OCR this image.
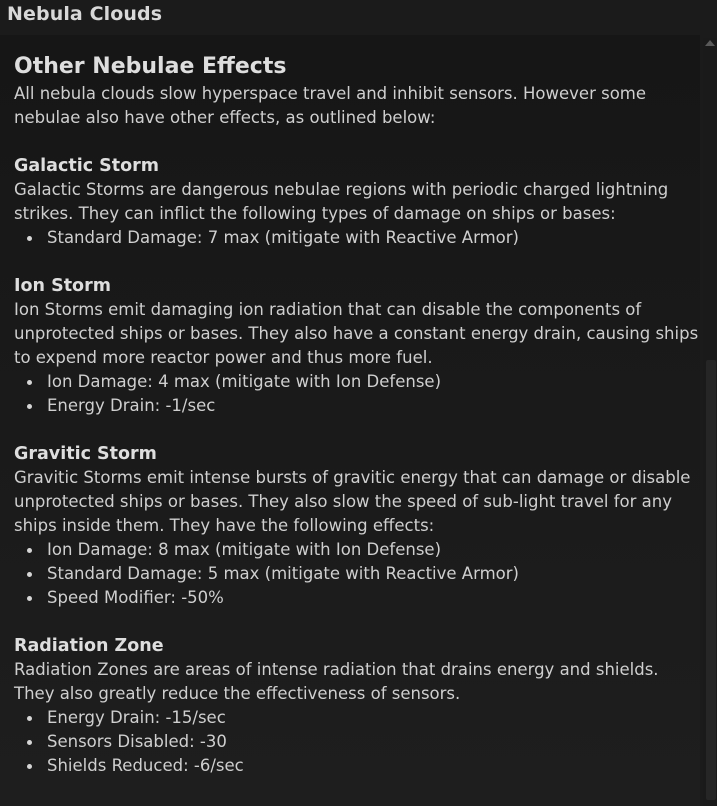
Nebula Clouds
Other Nebulae Effects

All nebula clouds slow hyperspace travel and inhibit sensors. However some nebulae also have other effects, as outlined below:

Galactic Storm

Galactic Storms are dangerous nebulae regions with periodic charged lightning strikes. They can inflict the following types of damage on ships or bases:

Standard Damage: 7 max (mitigate with Reactive Armor)
Ion Storm

Ion Storms emit damaging ion radiation that can disable the components of unprotected ships or bases. They also have a constant energy drain, causing ships to expend more reactor power and thus more fuel.

Ion Damage: 4 max (mitigate with Ion Defense)
Energy Drain: -1/sec
Gravitic Storm

Gravitic Storms emit intense bursts of gravitic energy that can damage or disable unprotected ships or bases. They also slow the speed of sub-light travel for any ships inside them. They have the following effects:

Ion Damage: 8 max (mitigate with Ion Defense)
Standard Damage: 5 max (mitigate with Reactive Armor)
Speed Modifier: -50%
Radiation Zone

Radiation Zones are areas of intense radiation that drains energy and shields. They also greatly reduce the effectiveness of sensors.

Energy Drain: -15/sec
Sensors Disabled: -30
Shields Reduced: -6/sec
